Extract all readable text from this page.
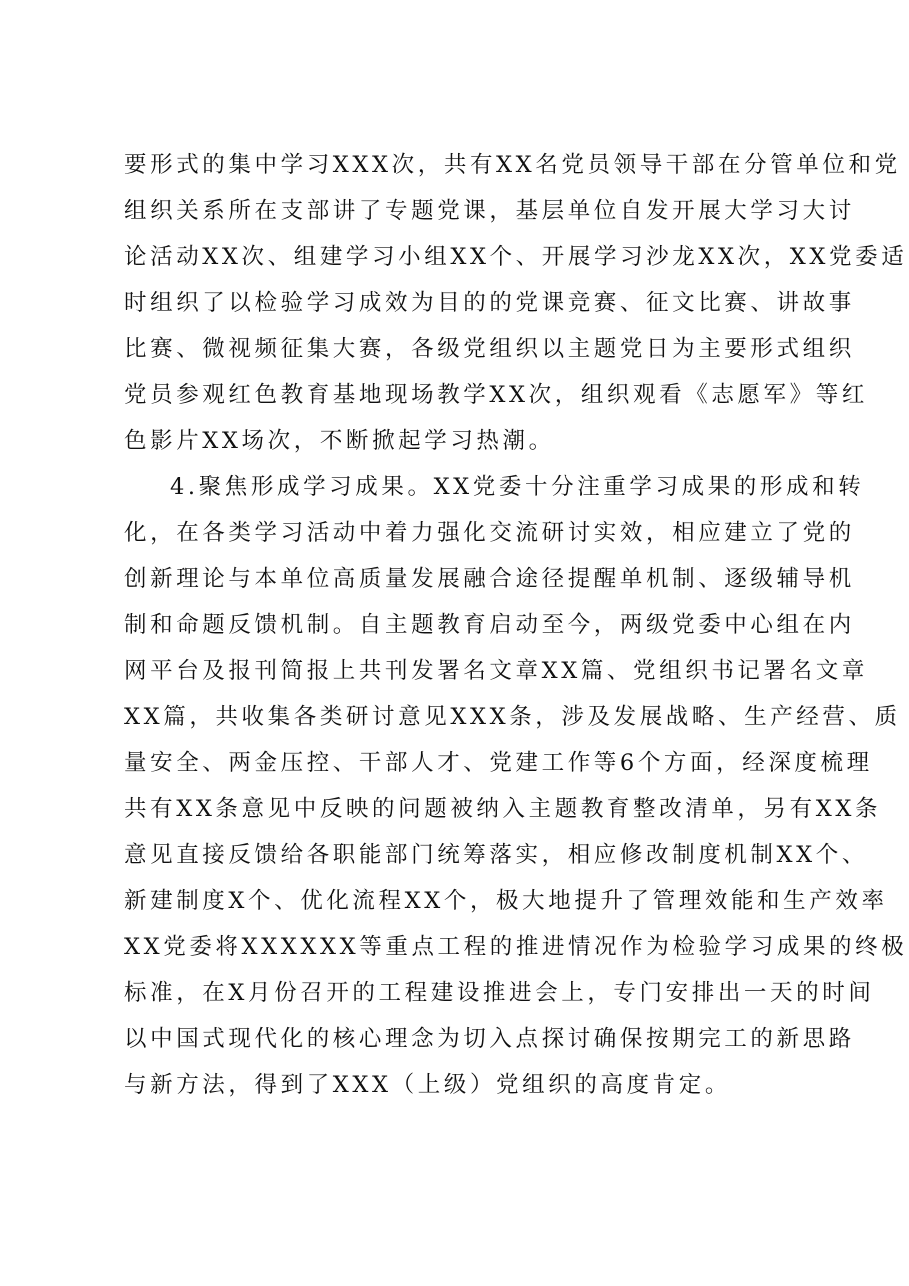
要形式的集中学习XXX次，共有XX名党员领导干部在分管单位和党
组织关系所在支部讲了专题党课，基层单位自发开展大学习大讨
论活动XX次、组建学习小组XX个、开展学习沙龙XX次，XX党委适
时组织了以检验学习成效为目的的党课竞赛、征文比赛、讲故事
比赛、微视频征集大赛，各级党组织以主题党日为主要形式组织
党员参观红色教育基地现场教学XX次，组织观看《志愿军》等红
色影片XX场次，不断掀起学习热潮。
4.聚焦形成学习成果。XX党委十分注重学习成果的形成和转
化，在各类学习活动中着力强化交流研讨实效，相应建立了党的
创新理论与本单位高质量发展融合途径提醒单机制、逐级辅导机
制和命题反馈机制。自主题教育启动至今，两级党委中心组在内
网平台及报刊简报上共刊发署名文章XX篇、党组织书记署名文章
XX篇，共收集各类研讨意见XXX条，涉及发展战略、生产经营、质
量安全、两金压控、干部人才、党建工作等6个方面，经深度梳理
共有XX条意见中反映的问题被纳入主题教育整改清单，另有XX条
意见直接反馈给各职能部门统筹落实，相应修改制度机制XX个、
新建制度X个、优化流程XX个，极大地提升了管理效能和生产效率
XX党委将XXXXXX等重点工程的推进情况作为检验学习成果的终极
标准，在X月份召开的工程建设推进会上，专门安排出一天的时间
以中国式现代化的核心理念为切入点探讨确保按期完工的新思路
与新方法，得到了XXX（上级）党组织的高度肯定。
